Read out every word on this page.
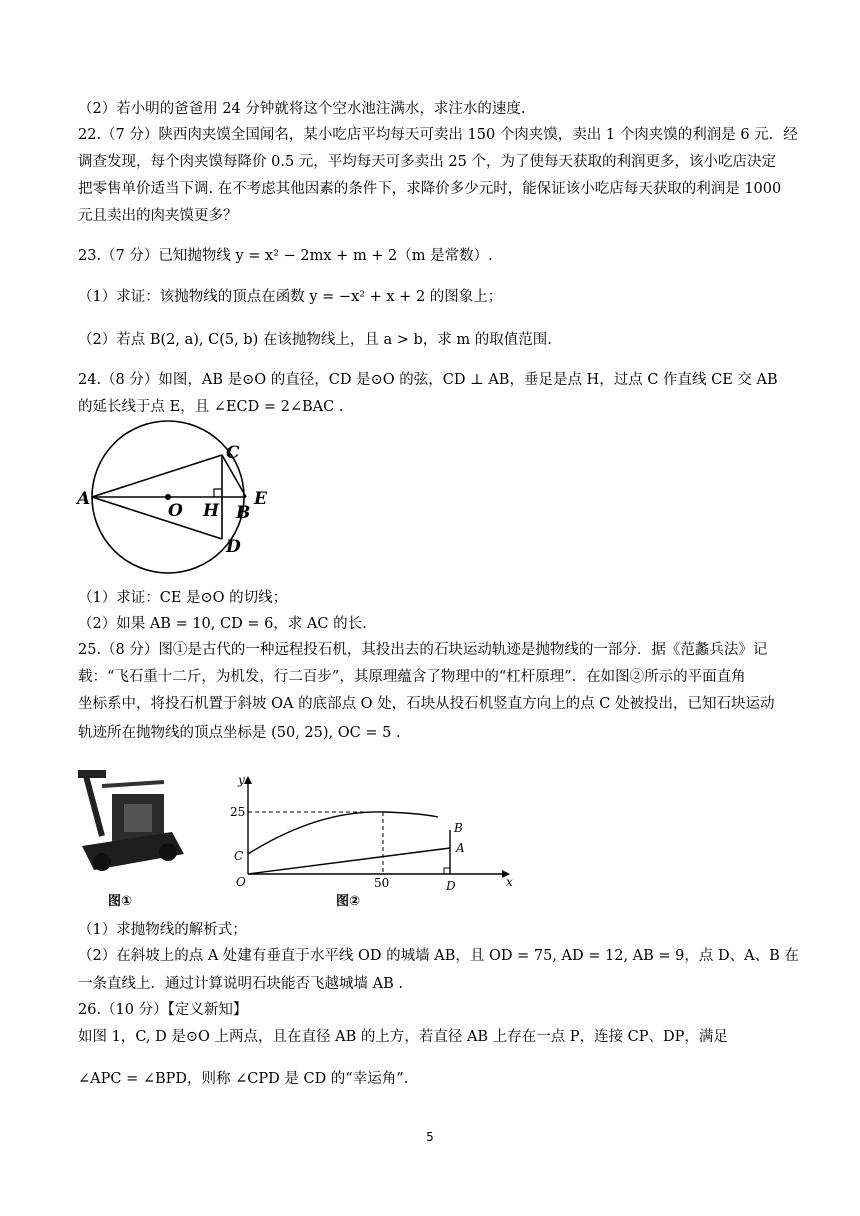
（2）若小明的爸爸用 24 分钟就将这个空水池注满水，求注水的速度.
22.（7 分）陕西肉夹馍全国闻名，某小吃店平均每天可卖出 150 个肉夹馍，卖出 1 个肉夹馍的利润是 6 元．经
调查发现，每个肉夹馍每降价 0.5 元，平均每天可多卖出 25 个，为了使每天获取的利润更多，该小吃店决定
把零售单价适当下调. 在不考虑其他因素的条件下，求降价多少元时，能保证该小吃店每天获取的利润是 1000
元且卖出的肉夹馍更多？
23.（7 分）已知抛物线 y = x² − 2mx + m + 2（m 是常数）.
（1）求证：该抛物线的顶点在函数 y = −x² + x + 2 的图象上；
（2）若点 B(2, a), C(5, b) 在该抛物线上，且 a > b，求 m 的取值范围.
24.（8 分）如图，AB 是⊙O 的直径，CD 是⊙O 的弦，CD ⊥ AB，垂足是点 H，过点 C 作直线 CE 交 AB
的延长线于点 E，且 ∠ECD = 2∠BAC .
A
O H B
E
C
D
（1）求证：CE 是⊙O 的切线；
（2）如果 AB = 10, CD = 6，求 AC 的长.
25.（8 分）图①是古代的一种远程投石机，其投出去的石块运动轨迹是抛物线的一部分．据《范蠡兵法》记
载：“飞石重十二斤，为机发，行二百步”，其原理蕴含了物理中的“杠杆原理”．在如图②所示的平面直角
坐标系中，将投石机置于斜坡 OA 的底部点 O 处，石块从投石机竖直方向上的点 C 处被投出，已知石块运动
轨迹所在抛物线的顶点坐标是 (50, 25), OC = 5 .
图①
y
x
25
50
O
C
A
B
D
图②
（1）求抛物线的解析式；
（2）在斜坡上的点 A 处建有垂直于水平线 OD 的城墙 AB，且 OD = 75, AD = 12, AB = 9，点 D、A、B 在
一条直线上．通过计算说明石块能否飞越城墙 AB .
26.（10 分）【定义新知】
如图 1，C, D 是⊙O 上两点，且在直径 AB 的上方，若直径 AB 上存在一点 P，连接 CP、DP，满足
∠APC = ∠BPD，则称 ∠CPD 是 CD 的“幸运角”.
5
